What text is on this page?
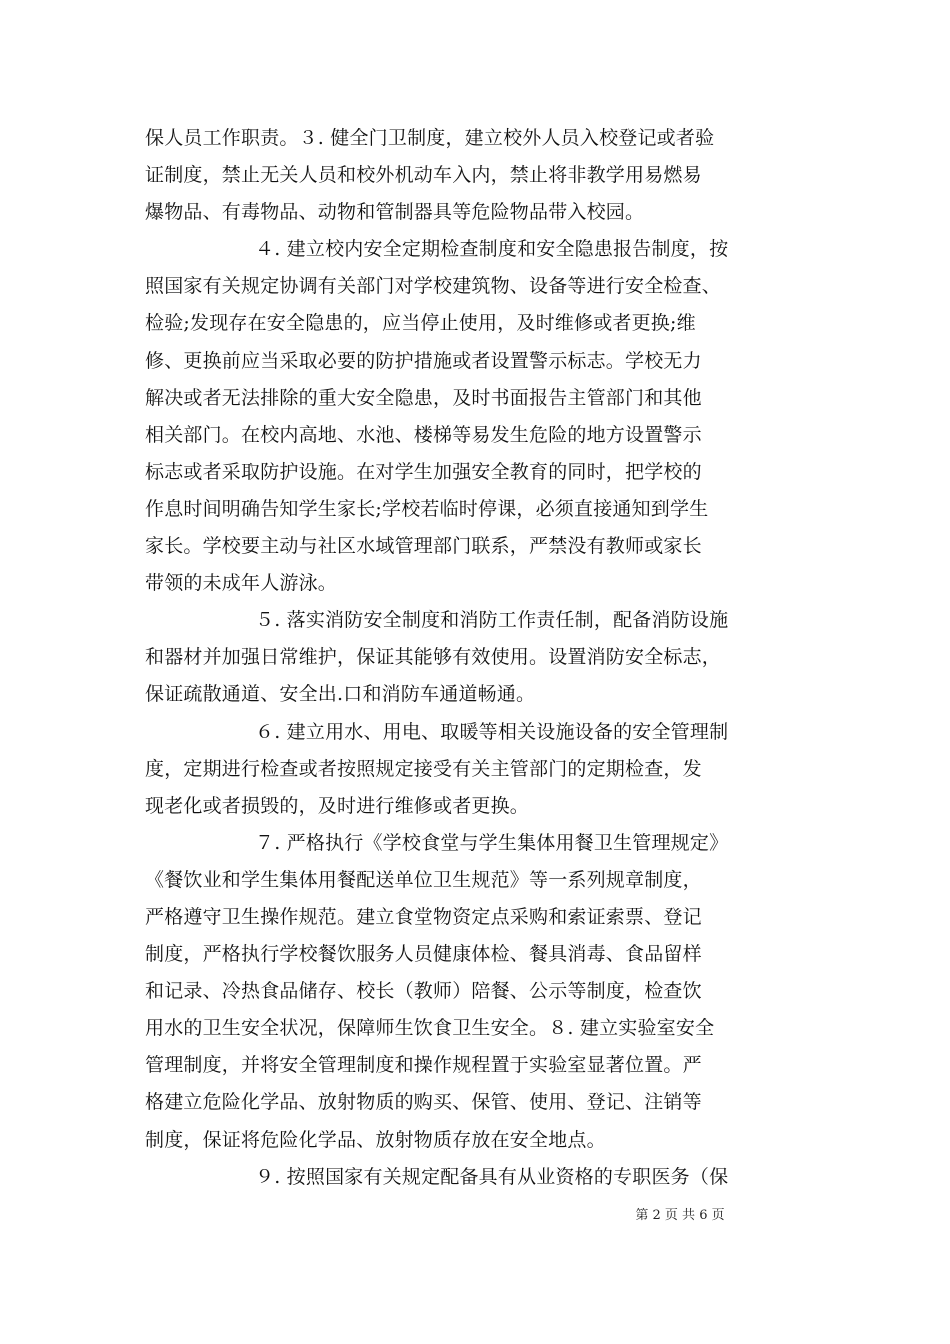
保人员工作职责。３. 健全门卫制度，建立校外人员入校登记或者验
证制度，禁止无关人员和校外机动车入内，禁止将非教学用易燃易
爆物品、有毒物品、动物和管制器具等危险物品带入校园。
４. 建立校内安全定期检查制度和安全隐患报告制度，按
照国家有关规定协调有关部门对学校建筑物、设备等进行安全检查、
检验;发现存在安全隐患的，应当停止使用，及时维修或者更换;维
修、更换前应当采取必要的防护措施或者设置警示标志。学校无力
解决或者无法排除的重大安全隐患，及时书面报告主管部门和其他
相关部门。在校内高地、水池、楼梯等易发生危险的地方设置警示
标志或者采取防护设施。在对学生加强安全教育的同时，把学校的
作息时间明确告知学生家长;学校若临时停课，必须直接通知到学生
家长。学校要主动与社区水域管理部门联系，严禁没有教师或家长
带领的未成年人游泳。
５. 落实消防安全制度和消防工作责任制，配备消防设施
和器材并加强日常维护，保证其能够有效使用。设置消防安全标志，
保证疏散通道、安全出.口和消防车通道畅通。
６. 建立用水、用电、取暖等相关设施设备的安全管理制
度，定期进行检查或者按照规定接受有关主管部门的定期检查，发
现老化或者损毁的，及时进行维修或者更换。
７. 严格执行《学校食堂与学生集体用餐卫生管理规定》
《餐饮业和学生集体用餐配送单位卫生规范》等一系列规章制度，
严格遵守卫生操作规范。建立食堂物资定点采购和索证索票、登记
制度，严格执行学校餐饮服务人员健康体检、餐具消毒、食品留样
和记录、冷热食品储存、校长（教师）陪餐、公示等制度，检查饮
用水的卫生安全状况，保障师生饮食卫生安全。８. 建立实验室安全
管理制度，并将安全管理制度和操作规程置于实验室显著位置。严
格建立危险化学品、放射物质的购买、保管、使用、登记、注销等
制度，保证将危险化学品、放射物质存放在安全地点。
９. 按照国家有关规定配备具有从业资格的专职医务（保
第 2 页 共 6 页
